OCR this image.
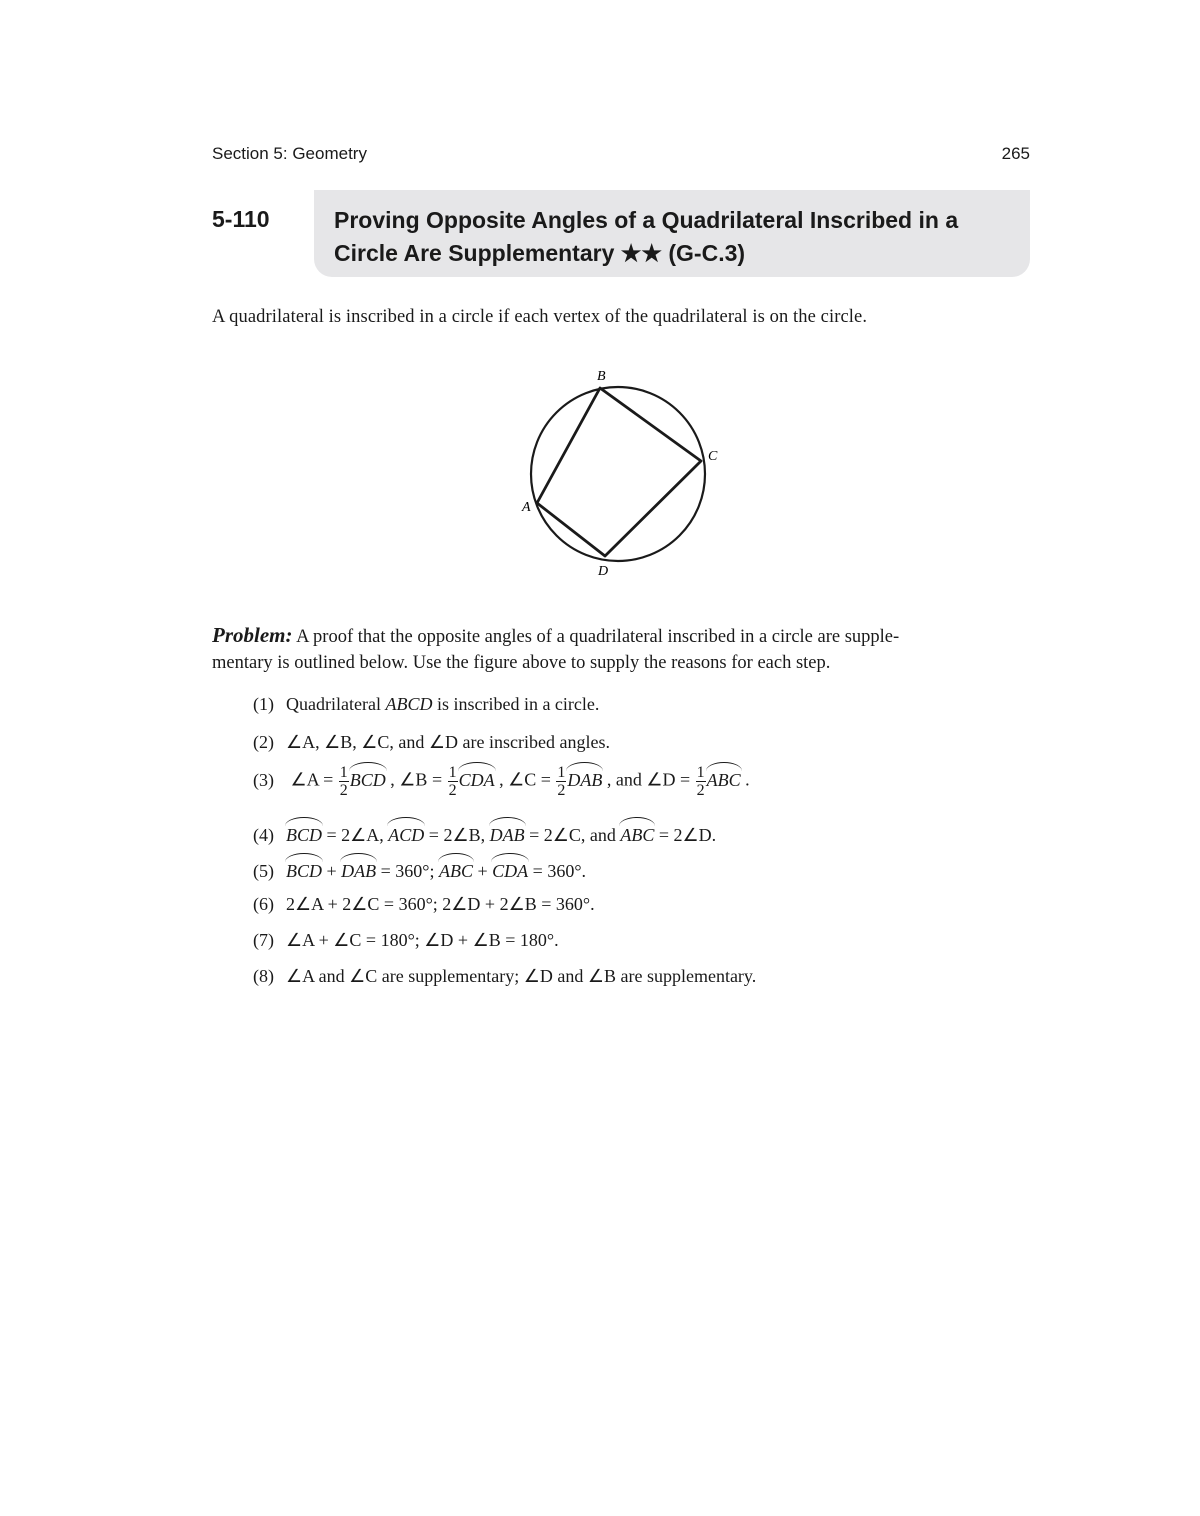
Section 5: Geometry	265
5-110	Proving Opposite Angles of a Quadrilateral Inscribed in a
Circle Are Supplementary ★★ (G-C.3)
A quadrilateral is inscribed in a circle if each vertex of the quadrilateral is on the circle.
B
C
A
D
Problem: A proof that the opposite angles of a quadrilateral inscribed in a circle are supple-
mentary is outlined below. Use the figure above to supply the reasons for each step.
(1) Quadrilateral ABCD is inscribed in a circle.
(2) ∠A, ∠B, ∠C, and ∠D are inscribed angles.
(3) ∠A = $\frac{1}{2}$ BCD , ∠B = $\frac{1}{2}$ CDA , ∠C = $\frac{1}{2}$ DAB , and ∠D = $\frac{1}{2}$ ABC .
(4) BCD = 2∠A, ACD = 2∠B, DAB = 2∠C, and ABC = 2∠D.
(5) BCD + DAB = 360°; ABC + CDA = 360°.
(6) 2∠A + 2∠C = 360°; 2∠D + 2∠B = 360°.
(7) ∠A + ∠C = 180°; ∠D + ∠B = 180°.
(8) ∠A and ∠C are supplementary; ∠D and ∠B are supplementary.
